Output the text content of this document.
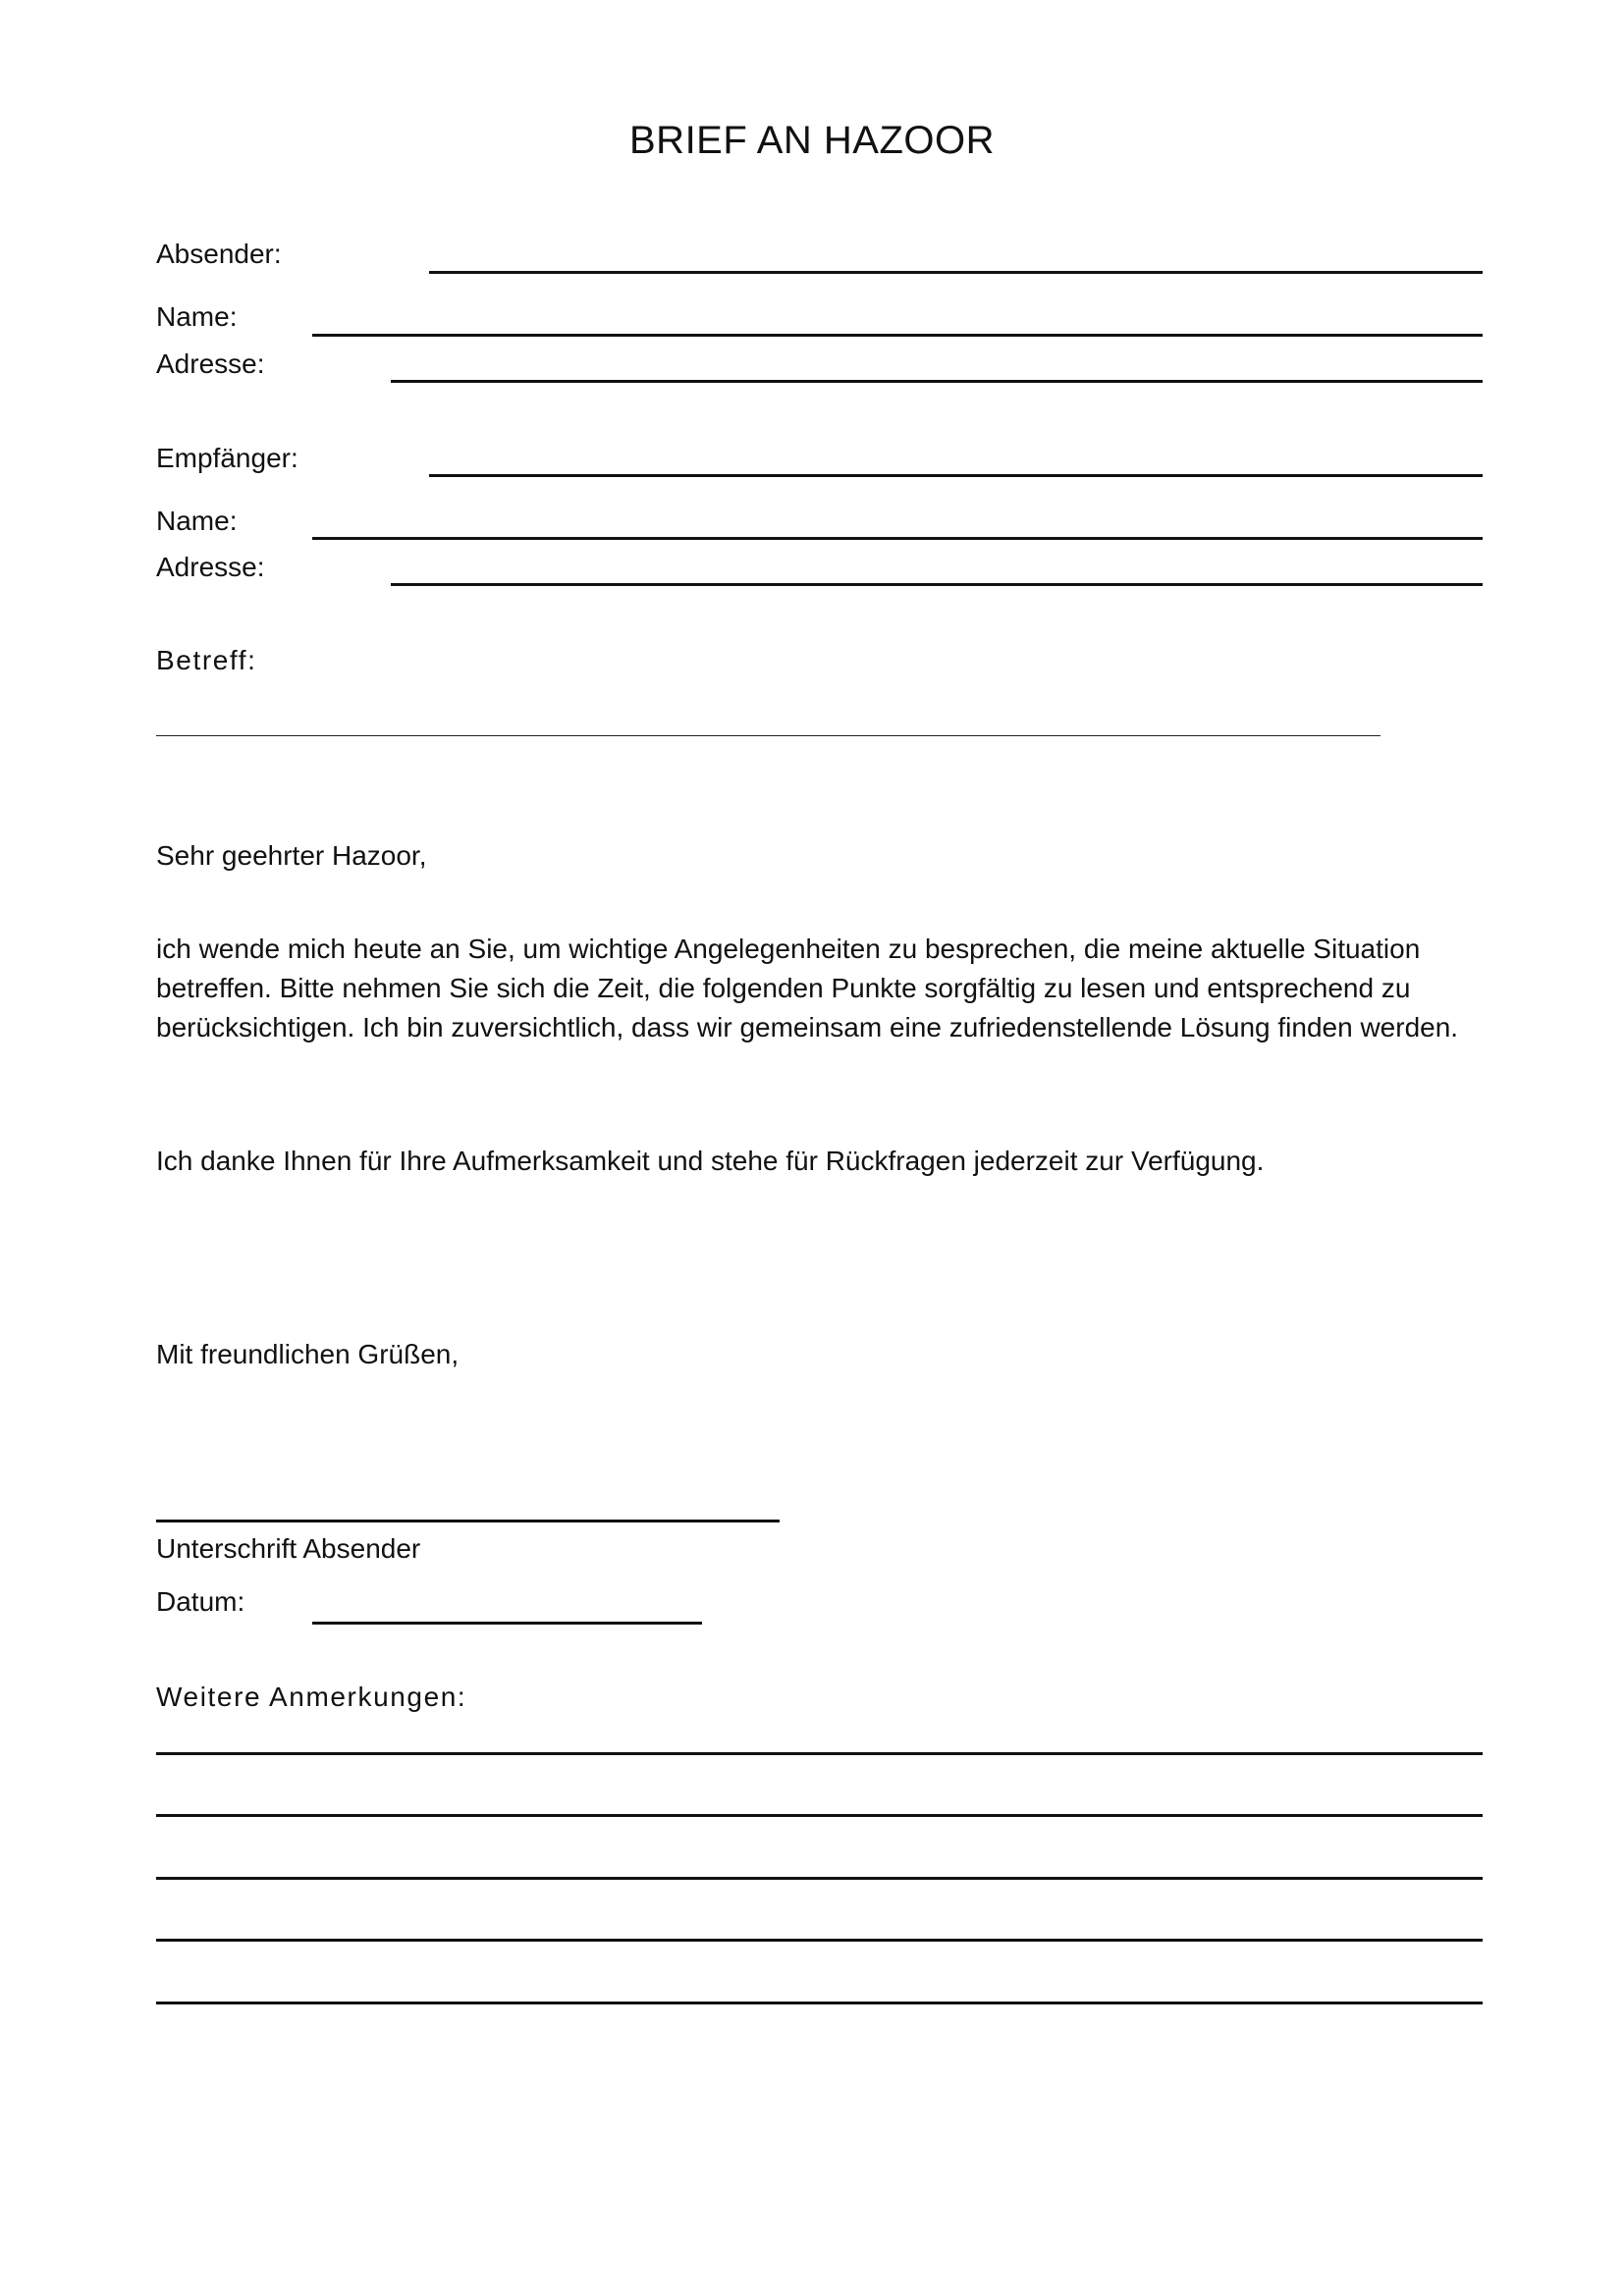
BRIEF AN HAZOOR
Absender:
Name:
Adresse:
Empfänger:
Name:
Adresse:
Betreff:
Sehr geehrter Hazoor,
ich wende mich heute an Sie, um wichtige Angelegenheiten zu besprechen, die meine aktuelle Situation
betreffen. Bitte nehmen Sie sich die Zeit, die folgenden Punkte sorgfältig zu lesen und entsprechend zu
berücksichtigen. Ich bin zuversichtlich, dass wir gemeinsam eine zufriedenstellende Lösung finden werden.
Ich danke Ihnen für Ihre Aufmerksamkeit und stehe für Rückfragen jederzeit zur Verfügung.
Mit freundlichen Grüßen,
Unterschrift Absender
Datum:
Weitere Anmerkungen:
